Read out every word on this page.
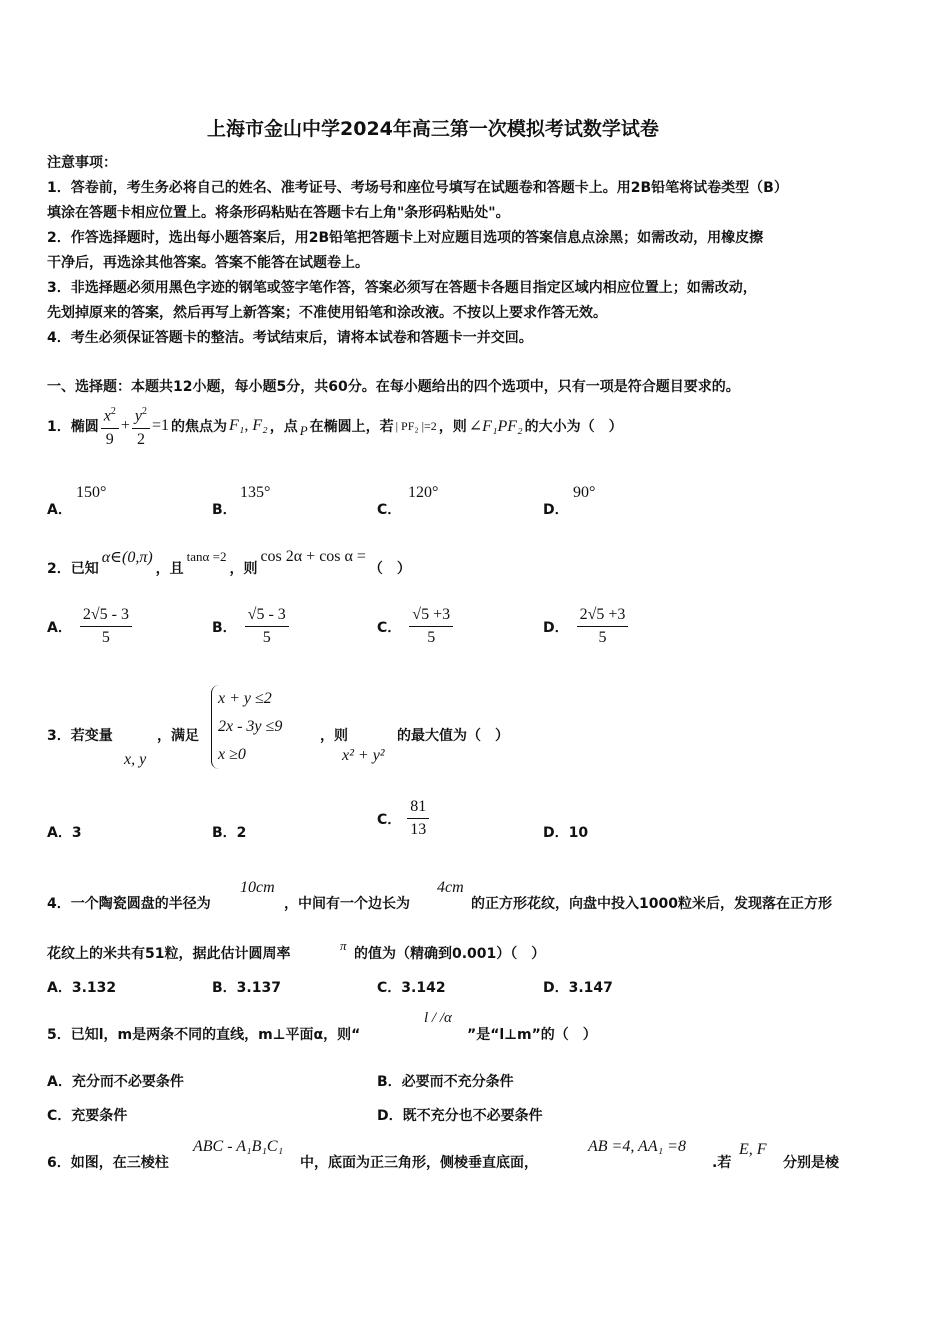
上海市金山中学2024年高三第一次模拟考试数学试卷
注意事项：
1．答卷前，考生务必将自己的姓名、准考证号、考场号和座位号填写在试题卷和答题卡上。用2B铅笔将试卷类型（B）
填涂在答题卡相应位置上。将条形码粘贴在答题卡右上角"条形码粘贴处"。
2．作答选择题时，选出每小题答案后，用2B铅笔把答题卡上对应题目选项的答案信息点涂黑；如需改动，用橡皮擦
干净后，再选涂其他答案。答案不能答在试题卷上。
3．非选择题必须用黑色字迹的钢笔或签字笔作答，答案必须写在答题卡各题目指定区域内相应位置上；如需改动，
先划掉原来的答案，然后再写上新答案；不准使用铅笔和涂改液。不按以上要求作答无效。
4．考生必须保证答题卡的整洁。考试结束后，请将本试卷和答题卡一并交回。
一、选择题：本题共12小题，每小题5分，共60分。在每小题给出的四个选项中，只有一项是符合题目要求的。
1．椭圆 $\frac{x^2}{9} + \frac{y^2}{2} =1$ 的焦点为 F₁, F₂ ，点 P 在椭圆上，若 | PF₂ |=2 ，则 ∠F₁PF₂ 的大小为（　）
A．
150°
B．
135°
C．
120°
D．
90°
2．已知
α∈(0,π)
，且
tanα =2
，则
cos 2α + cos α =
（　）
A． $\frac{2√5 - 3}{5}$	B． $\frac{√5 - 3}{5}$	C． $\frac{√5 +3}{5}$	D． $\frac{2√5 +3}{5}$
3．若变量
x, y
，满足
x + y ≤2
2x - 3y ≤9
x ≥0
，则
x² + y²
的最大值为（　）
A．3	B．2
C． $\frac{81}{13}$	D．10
4．一个陶瓷圆盘的半径为
10cm
，中间有一个边长为
4cm
的正方形花纹，向盘中投入1000粒米后，发现落在正方形
花纹上的米共有51粒，据此估计圆周率
π
的值为（精确到0.001）（　）
A．3.132	B．3.137	C．3.142	D．3.147
5．已知l，m是两条不同的直线，m⊥平面α，则“
l / /α
”是“l⊥m”的（　）
A．充分而不必要条件	B．必要而不充分条件
C．充要条件	D．既不充分也不必要条件
6．如图，在三棱柱
ABC - A₁B₁C₁
中，底面为正三角形，侧棱垂直底面，
AB =4, AA₁ =8
.若
E, F
分别是棱
